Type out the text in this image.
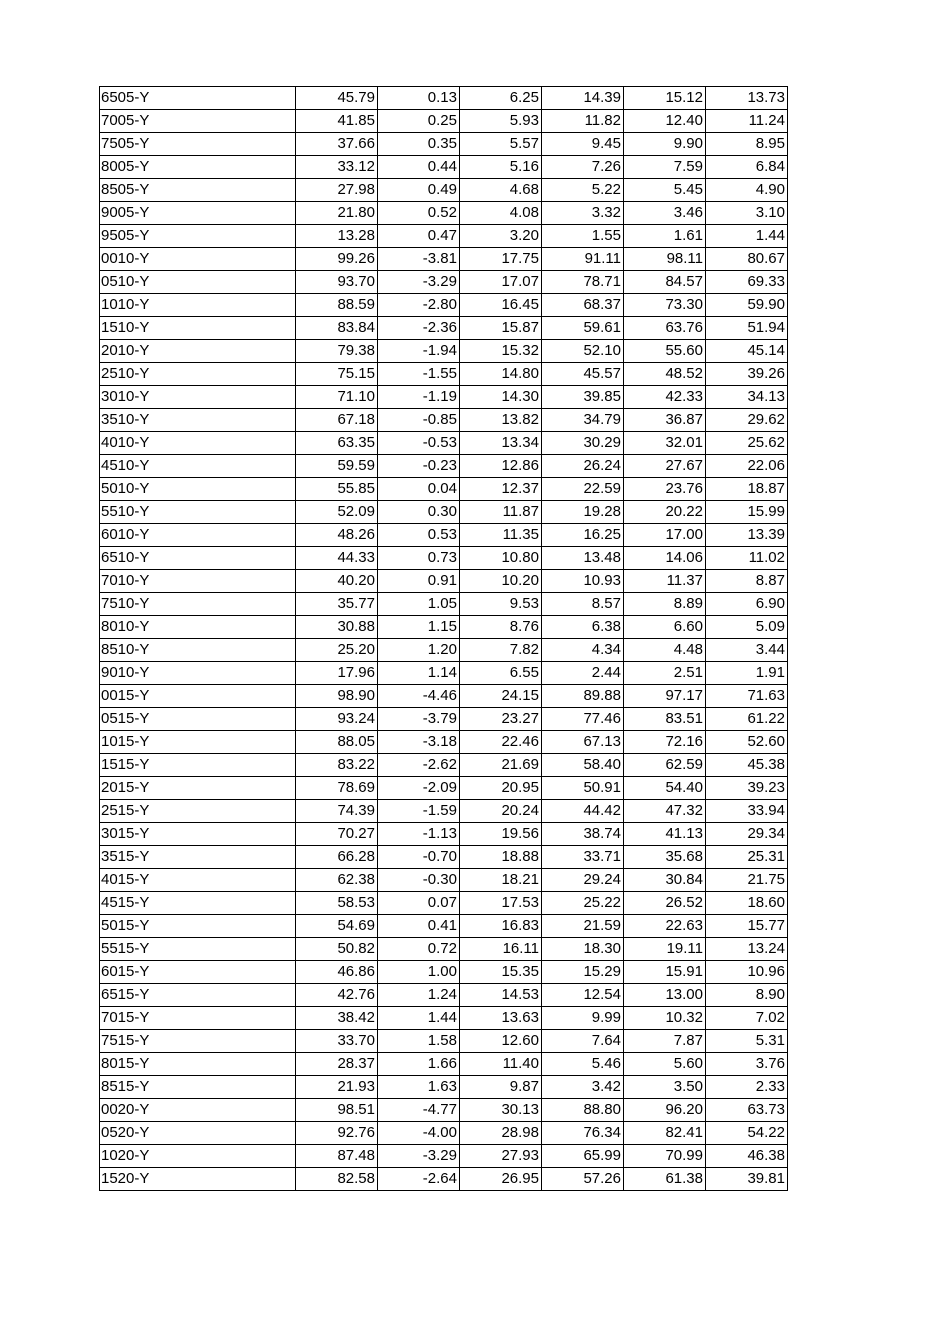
6505-Y	45.79	0.13	6.25	14.39	15.12	13.73
7005-Y	41.85	0.25	5.93	11.82	12.40	11.24
7505-Y	37.66	0.35	5.57	9.45	9.90	8.95
8005-Y	33.12	0.44	5.16	7.26	7.59	6.84
8505-Y	27.98	0.49	4.68	5.22	5.45	4.90
9005-Y	21.80	0.52	4.08	3.32	3.46	3.10
9505-Y	13.28	0.47	3.20	1.55	1.61	1.44
0010-Y	99.26	-3.81	17.75	91.11	98.11	80.67
0510-Y	93.70	-3.29	17.07	78.71	84.57	69.33
1010-Y	88.59	-2.80	16.45	68.37	73.30	59.90
1510-Y	83.84	-2.36	15.87	59.61	63.76	51.94
2010-Y	79.38	-1.94	15.32	52.10	55.60	45.14
2510-Y	75.15	-1.55	14.80	45.57	48.52	39.26
3010-Y	71.10	-1.19	14.30	39.85	42.33	34.13
3510-Y	67.18	-0.85	13.82	34.79	36.87	29.62
4010-Y	63.35	-0.53	13.34	30.29	32.01	25.62
4510-Y	59.59	-0.23	12.86	26.24	27.67	22.06
5010-Y	55.85	0.04	12.37	22.59	23.76	18.87
5510-Y	52.09	0.30	11.87	19.28	20.22	15.99
6010-Y	48.26	0.53	11.35	16.25	17.00	13.39
6510-Y	44.33	0.73	10.80	13.48	14.06	11.02
7010-Y	40.20	0.91	10.20	10.93	11.37	8.87
7510-Y	35.77	1.05	9.53	8.57	8.89	6.90
8010-Y	30.88	1.15	8.76	6.38	6.60	5.09
8510-Y	25.20	1.20	7.82	4.34	4.48	3.44
9010-Y	17.96	1.14	6.55	2.44	2.51	1.91
0015-Y	98.90	-4.46	24.15	89.88	97.17	71.63
0515-Y	93.24	-3.79	23.27	77.46	83.51	61.22
1015-Y	88.05	-3.18	22.46	67.13	72.16	52.60
1515-Y	83.22	-2.62	21.69	58.40	62.59	45.38
2015-Y	78.69	-2.09	20.95	50.91	54.40	39.23
2515-Y	74.39	-1.59	20.24	44.42	47.32	33.94
3015-Y	70.27	-1.13	19.56	38.74	41.13	29.34
3515-Y	66.28	-0.70	18.88	33.71	35.68	25.31
4015-Y	62.38	-0.30	18.21	29.24	30.84	21.75
4515-Y	58.53	0.07	17.53	25.22	26.52	18.60
5015-Y	54.69	0.41	16.83	21.59	22.63	15.77
5515-Y	50.82	0.72	16.11	18.30	19.11	13.24
6015-Y	46.86	1.00	15.35	15.29	15.91	10.96
6515-Y	42.76	1.24	14.53	12.54	13.00	8.90
7015-Y	38.42	1.44	13.63	9.99	10.32	7.02
7515-Y	33.70	1.58	12.60	7.64	7.87	5.31
8015-Y	28.37	1.66	11.40	5.46	5.60	3.76
8515-Y	21.93	1.63	9.87	3.42	3.50	2.33
0020-Y	98.51	-4.77	30.13	88.80	96.20	63.73
0520-Y	92.76	-4.00	28.98	76.34	82.41	54.22
1020-Y	87.48	-3.29	27.93	65.99	70.99	46.38
1520-Y	82.58	-2.64	26.95	57.26	61.38	39.81
